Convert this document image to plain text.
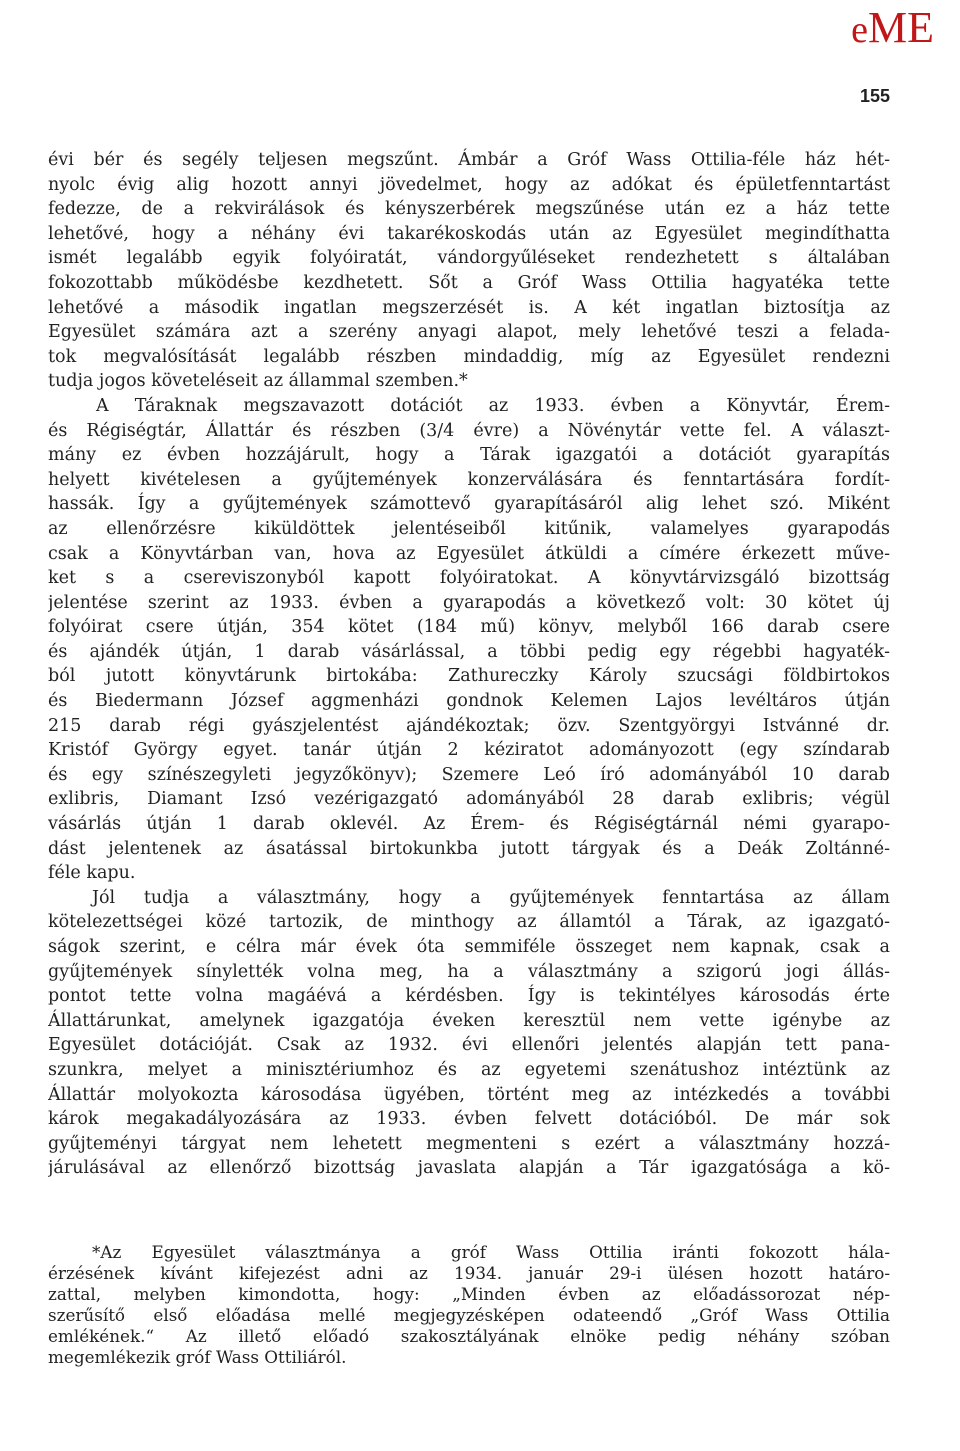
eME
155
évi bér és segély teljesen megszűnt. Ámbár a Gróf Wass Ottilia-féle ház hét-
nyolc évig alig hozott annyi jövedelmet, hogy az adókat és épületfenntartást
fedezze, de a rekvirálások és kényszerbérek megszűnése után ez a ház tette
lehetővé, hogy a néhány évi takarékoskodás után az Egyesület megindíthatta
ismét legalább egyik folyóiratát, vándorgyűléseket rendezhetett s általában
fokozottabb működésbe kezdhetett. Sőt a Gróf Wass Ottilia hagyatéka tette
lehetővé a második ingatlan megszerzését is. A két ingatlan biztosítja az
Egyesület számára azt a szerény anyagi alapot, mely lehetővé teszi a felada-
tok megvalósítását legalább részben mindaddig, míg az Egyesület rendezni
tudja jogos követeléseit az állammal szemben.*
A Táraknak megszavazott dotációt az 1933. évben a Könyvtár, Érem-
és Régiségtár, Állattár és részben (3/4 évre) a Növénytár vette fel. A választ-
mány ez évben hozzájárult, hogy a Tárak igazgatói a dotációt gyarapítás
helyett kivételesen a gyűjtemények konzerválására és fenntartására fordít-
hassák. Így a gyűjtemények számottevő gyarapításáról alig lehet szó. Miként
az ellenőrzésre kiküldöttek jelentéseiből kitűnik, valamelyes gyarapodás
csak a Könyvtárban van, hova az Egyesület átküldi a címére érkezett műve-
ket s a csereviszonyból kapott folyóiratokat. A könyvtárvizsgáló bizottság
jelentése szerint az 1933. évben a gyarapodás a következő volt: 30 kötet új
folyóirat csere útján, 354 kötet (184 mű) könyv, melyből 166 darab csere
és ajándék útján, 1 darab vásárlással, a többi pedig egy régebbi hagyaték-
ból jutott könyvtárunk birtokába: Zathureczky Károly szucsági földbirtokos
és Biedermann József aggmenházi gondnok Kelemen Lajos levéltáros útján
215 darab régi gyászjelentést ajándékoztak; özv. Szentgyörgyi Istvánné dr.
Kristóf György egyet. tanár útján 2 kéziratot adományozott (egy színdarab
és egy színészegyleti jegyzőkönyv); Szemere Leó író adományából 10 darab
exlibris, Diamant Izsó vezérigazgató adományából 28 darab exlibris; végül
vásárlás útján 1 darab oklevél. Az Érem- és Régiségtárnál némi gyarapo-
dást jelentenek az ásatással birtokunkba jutott tárgyak és a Deák Zoltánné-
féle kapu.
Jól tudja a választmány, hogy a gyűjtemények fenntartása az állam
kötelezettségei közé tartozik, de minthogy az államtól a Tárak, az igazgató-
ságok szerint, e célra már évek óta semmiféle összeget nem kapnak, csak a
gyűjtemények sínylették volna meg, ha a választmány a szigorú jogi állás-
pontot tette volna magáévá a kérdésben. Így is tekintélyes károsodás érte
Állattárunkat, amelynek igazgatója éveken keresztül nem vette igénybe az
Egyesület dotációját. Csak az 1932. évi ellenőri jelentés alapján tett pana-
szunkra, melyet a minisztériumhoz és az egyetemi szenátushoz intéztünk az
Állattár molyokozta károsodása ügyében, történt meg az intézkedés a további
károk megakadályozására az 1933. évben felvett dotációból. De már sok
gyűjteményi tárgyat nem lehetett megmenteni s ezért a választmány hozzá-
járulásával az ellenőrző bizottság javaslata alapján a Tár igazgatósága a kö-
*Az Egyesület választmánya a gróf Wass Ottilia iránti fokozott hála-
érzésének kívánt kifejezést adni az 1934. január 29-i ülésen hozott határo-
zattal, melyben kimondotta, hogy: „Minden évben az előadássorozat nép-
szerűsítő első előadása mellé megjegyzésképen odateendő „Gróf Wass Ottilia
emlékének.“ Az illető előadó szakosztályának elnöke pedig néhány szóban
megemlékezik gróf Wass Ottiliáról.
